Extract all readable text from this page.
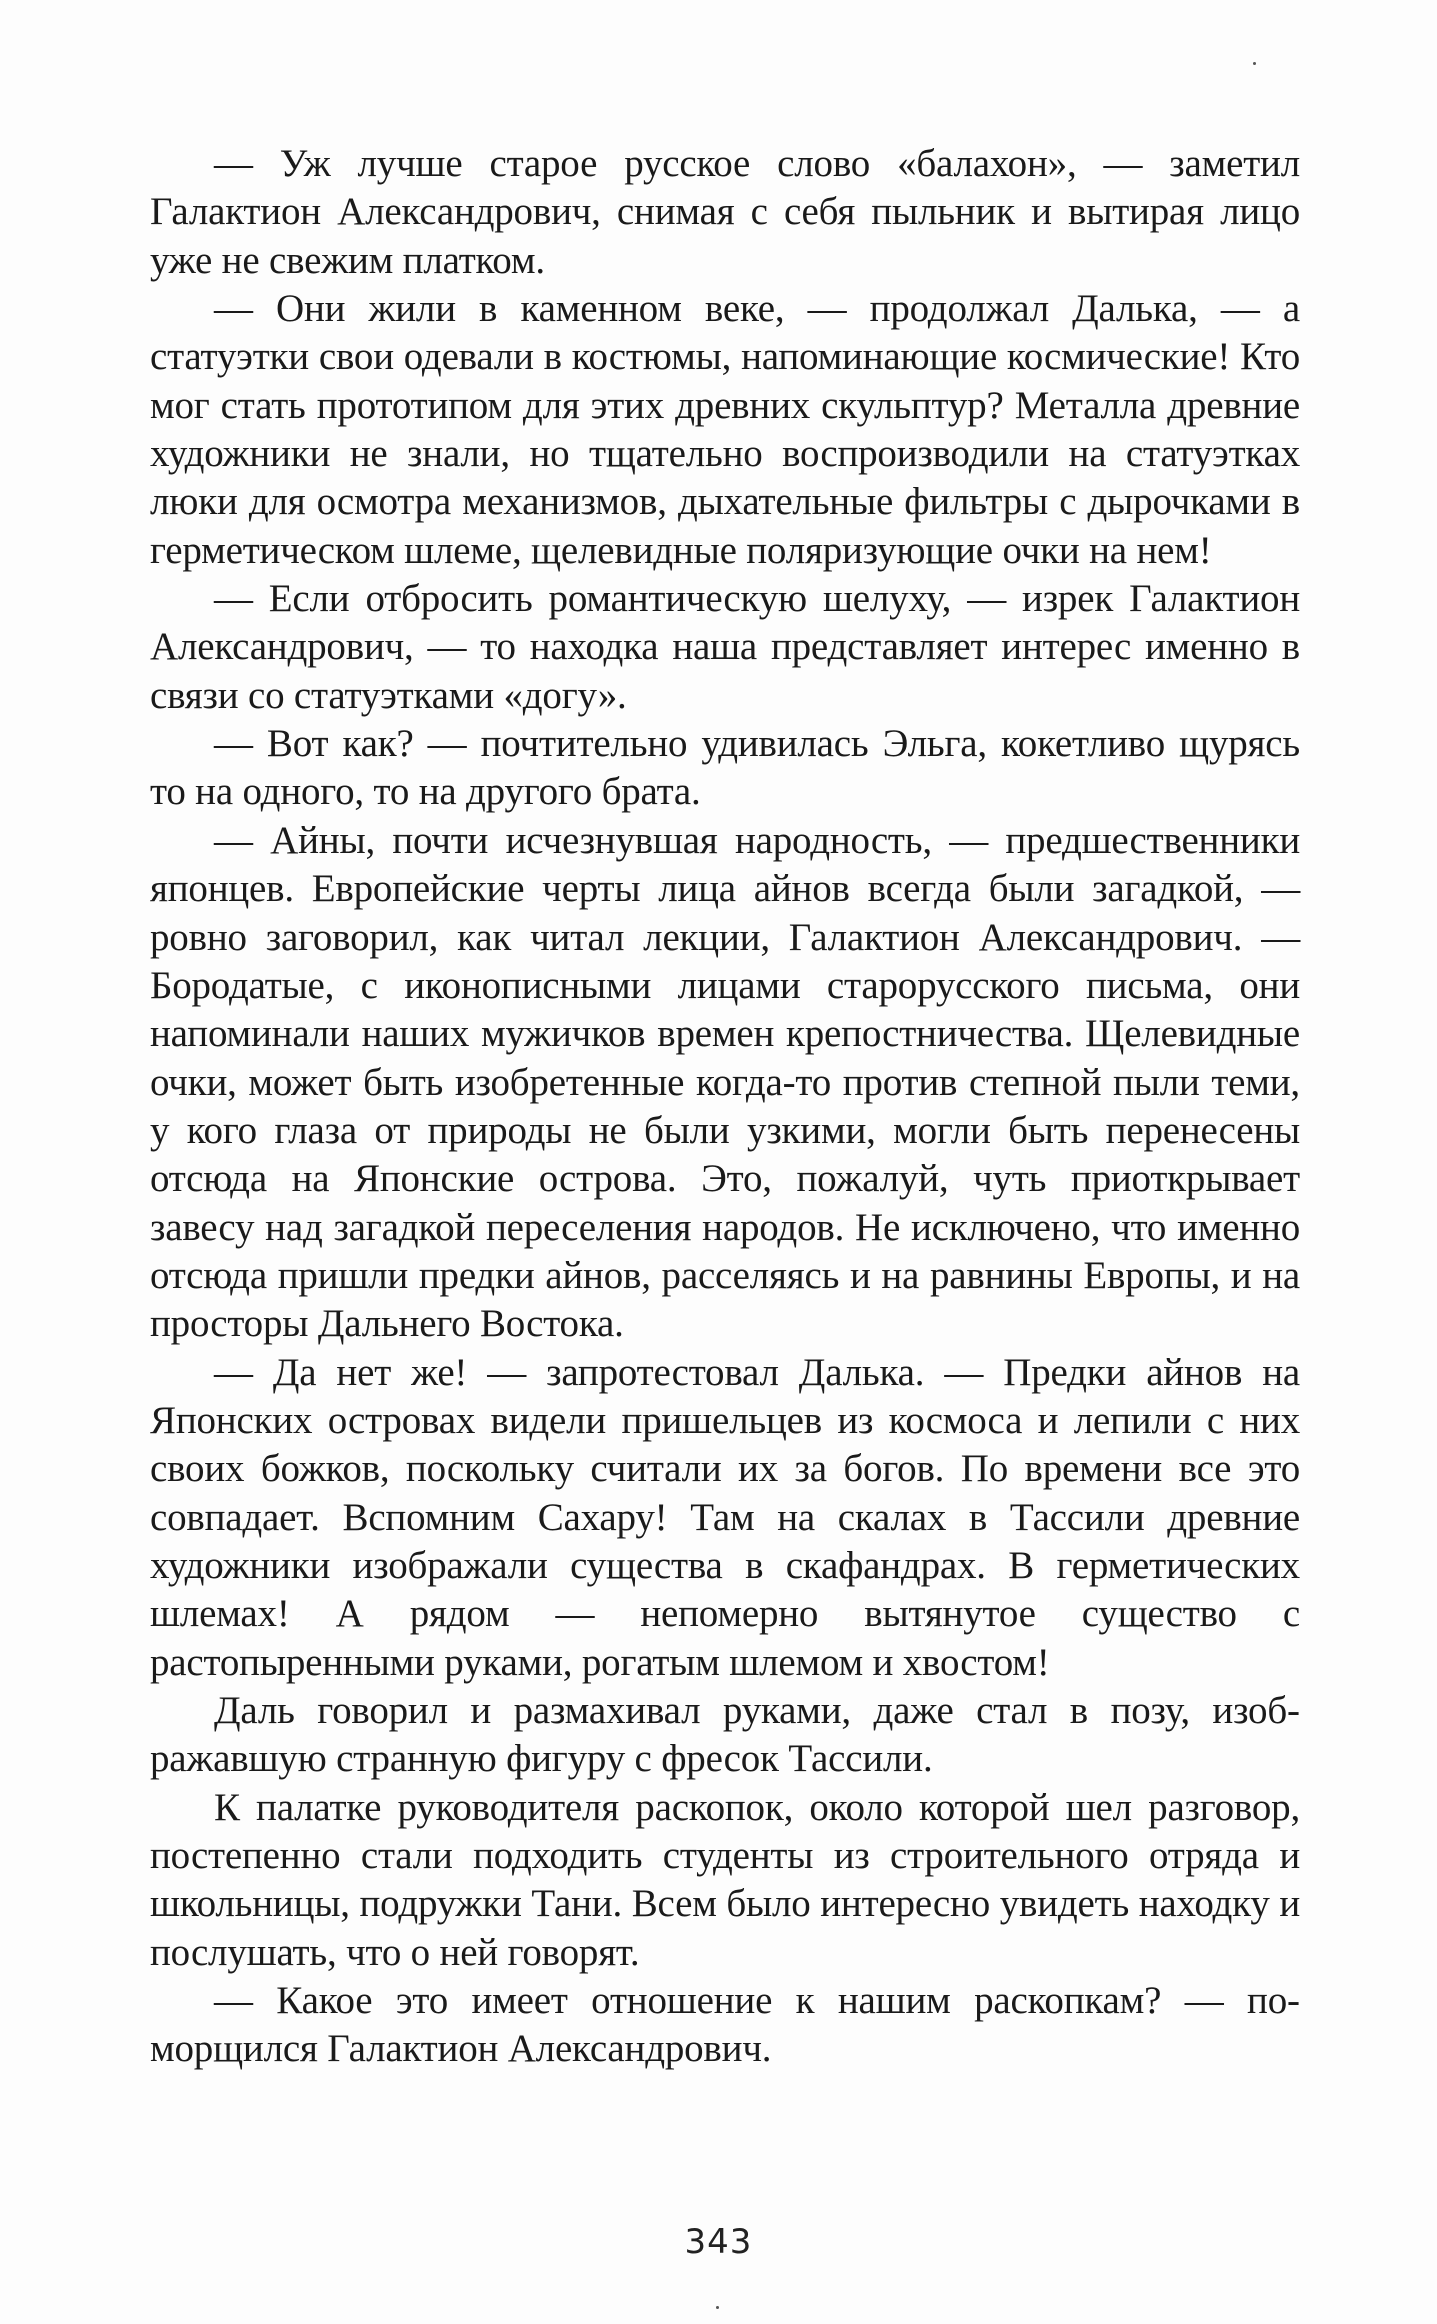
— Уж лучше старое русское слово «балахон», — заметил Галактион Александрович, снимая с себя пыльник и вытирая лицо уже не свежим платком.

— Они жили в каменном веке, — продолжал Далька, — а статуэтки свои одевали в костюмы, напоминающие космические! Кто мог стать прототипом для этих древних скульптур? Металла древние художники не знали, но тщательно воспроизводили на статуэтках люки для осмотра механизмов, дыхательные фильтры с дырочками в герметическом шлеме, щелевидные поляризующие очки на нем!

— Если отбросить романтическую шелуху, — изрек Галактион Александрович, — то находка наша представляет интерес именно в связи со статуэтками «догу».

— Вот как? — почтительно удивилась Эльга, кокетливо щурясь то на одного, то на другого брата.

— Айны, почти исчезнувшая народность, — предшественники японцев. Европейские черты лица айнов всегда были загадкой, — ровно заговорил, как читал лекции, Галактион Александрович. — Бородатые, с иконописными лицами старорусского письма, они напоминали наших мужичков времен крепостничества. Щелевидные очки, может быть изобретенные когда-то против степной пыли теми, у кого глаза от природы не были узкими, могли быть перенесены отсюда на Японские острова. Это, пожалуй, чуть приоткрывает завесу над загадкой переселения народов. Не исключено, что именно отсюда пришли предки айнов, расселяясь и на равнины Европы, и на просторы Дальнего Востока.

— Да нет же! — запротестовал Далька. — Предки айнов на Японских островах видели пришельцев из космоса и лепили с них своих божков, поскольку считали их за богов. По времени все это совпадает. Вспомним Сахару! Там на скалах в Тассили древние художники изображали существа в скафандрах. В герметических шлемах! А рядом — непомерно вытянутое существо с растопыренными руками, рогатым шлемом и хвостом!

Даль говорил и размахивал руками, даже стал в позу, изображавшую странную фигуру с фресок Тассили.

К палатке руководителя раскопок, около которой шел разговор, постепенно стали подходить студенты из строительного отряда и школьницы, подружки Тани. Всем было интересно увидеть находку и послушать, что о ней говорят.

— Какое это имеет отношение к нашим раскопкам? — поморщился Галактион Александрович.

343
